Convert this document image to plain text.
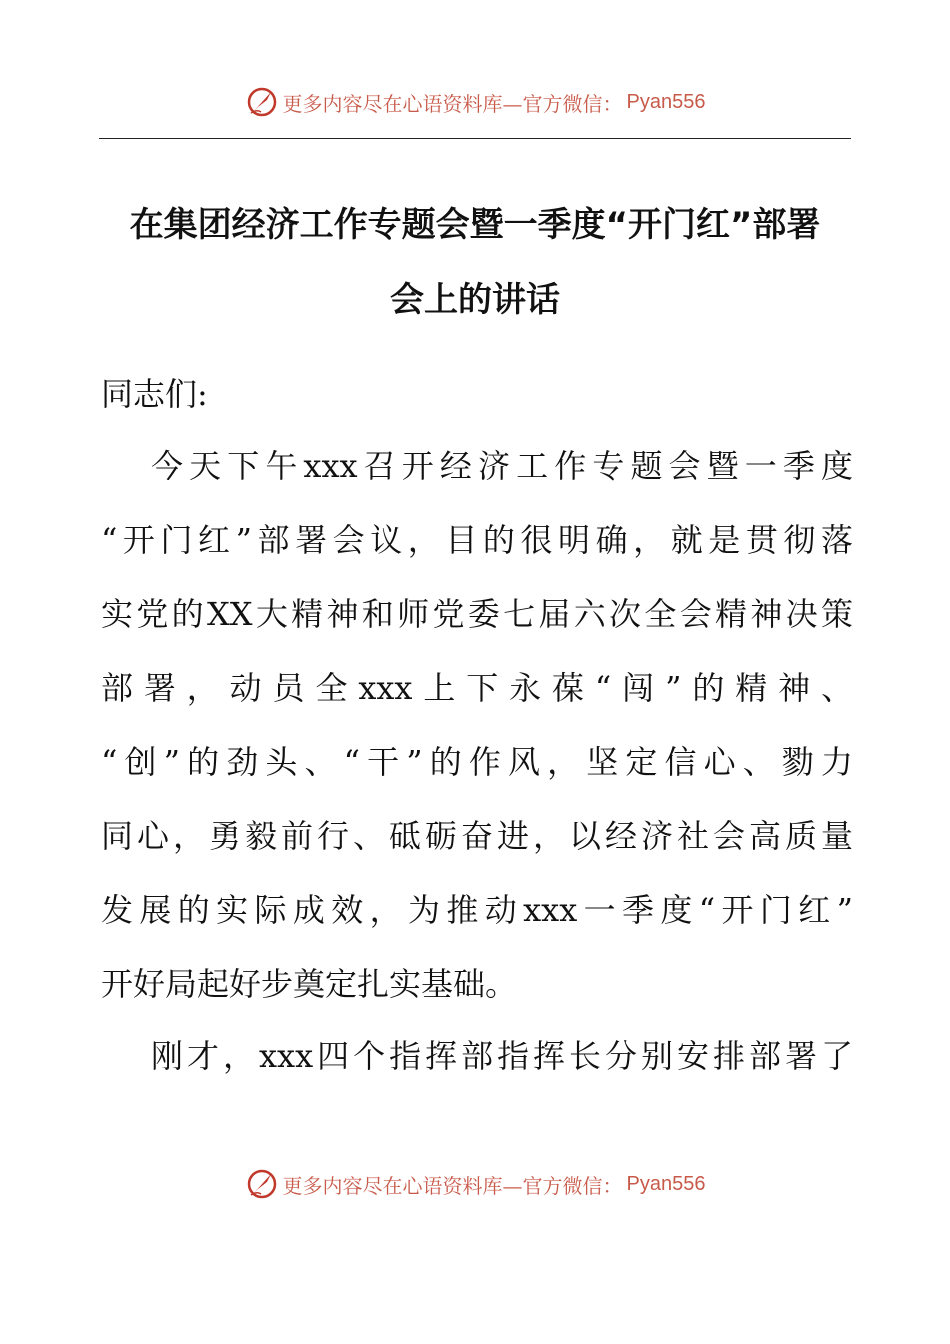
更多内容尽在心语资料库—官方微信： Pyan556
在集团经济工作专题会暨一季度“开门红”部署
会上的讲话
同志们:
今天下午xxx召开经济工作专题会暨一季度
“开门红”部署会议，目的很明确，就是贯彻落
实党的XX大精神和师党委七届六次全会精神决策
部署，动员全xxx上下永葆“闯”的精神、
“创”的劲头、“干”的作风，坚定信心、勠力
同心，勇毅前行、砥砺奋进，以经济社会高质量
发展的实际成效，为推动xxx一季度“开门红”
开好局起好步奠定扎实基础。
刚才，xxx四个指挥部指挥长分别安排部署了
更多内容尽在心语资料库—官方微信： Pyan556
